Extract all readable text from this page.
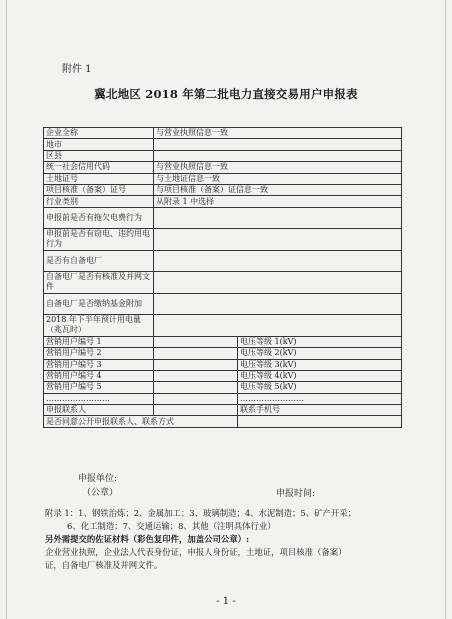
附件 1
冀北地区 2018 年第二批电力直接交易用户申报表
企业全称	与营业执照信息一致	
地市		
区县		
统一社会信用代码	与营业执照信息一致	
土地证号	与土地证信息一致	
项目核准（备案）证号	与项目核准（备案）证信息一致	
行业类别	从附录 1 中选择	
申报前是否有拖欠电费行为		
申报前是否有窃电、违约用电行为		
是否有自备电厂		
自备电厂是否有核准及并网文件		
自备电厂是否缴纳基金附加		
2018 年下半年预计用电量（兆瓦时）		
营销用户编号 1		电压等级 1(kV)
营销用户编号 2		电压等级 2(kV)
营销用户编号 3		电压等级 3(kV)
营销用户编号 4		电压等级 4(kV)
营销用户编号 5		电压等级 5(kV)
……………………		……………………
申报联系人		联系手机号
是否同意公开申报联系人、联系方式		
申报单位:
（公章）	申报时间:
附录 1：1、钢铁治炼；2、金属加工；3、玻璃制造；4、水泥制造；5、矿产开采；
6、化工制造；7、交通运输；8、其他（注明具体行业）
另外需提交的佐证材料（彩色复印件，加盖公司公章）:
企业营业执照，企业法人代表身份证，申报人身份证，土地证，项目核准（备案）
证，自备电厂核准及并网文件。
- 1 -
